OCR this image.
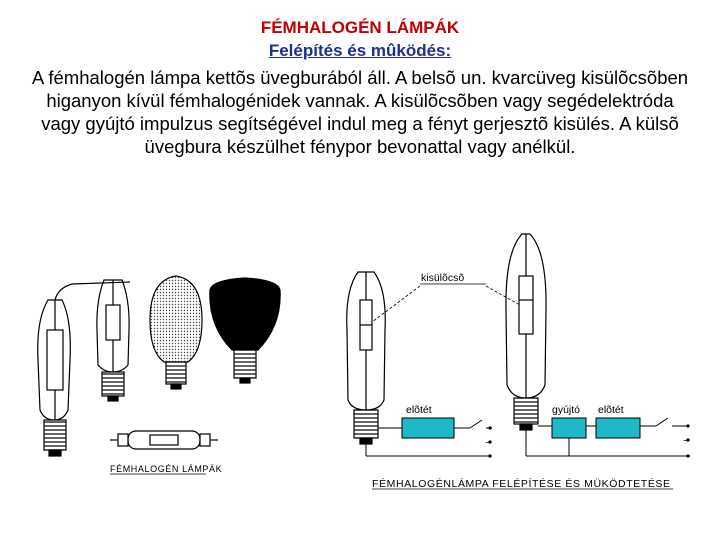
FÉMHALOGÉN LÁMPÁK
Felépítés és mûködés:
A fémhalogén lámpa kettõs üvegburából áll. A belsõ un. kvarcüveg kisülõcsõben higanyon kívül fémhalogénidek vannak. A kisülõcsõben vagy segédelektróda vagy gyújtó impulzus segítségével indul meg a fényt gerjesztõ kisülés. A külsõ üvegbura készülhet fénypor bevonattal vagy anélkül.
FÉMHALOGÉN LÁMPÁK
kisülõcsõ
elõtét	gyújtó elõtét
~	~
FÉMHALOGÉNLÁMPA FELÉPÍTÉSE ÉS MÜKÖDTETÉSE
